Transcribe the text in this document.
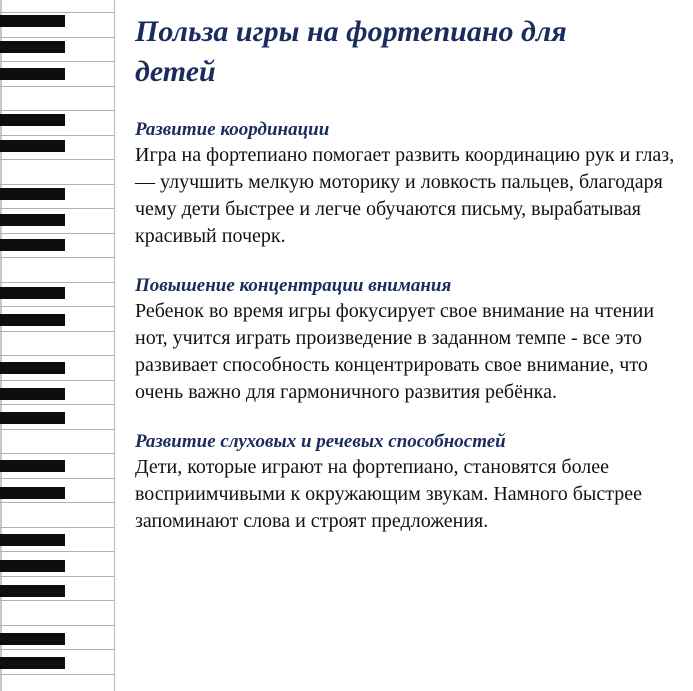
Польза игры на фортепиано для детей
Развитие координации

Игра на фортепиано помогает развить координацию рук и глаз, — улучшить мелкую моторику и ловкость пальцев, благодаря чему дети быстрее и легче обучаются письму, вырабатывая красивый почерк.

Повышение концентрации внимания

Ребенок во время игры фокусирует свое внимание на чтении нот, учится играть произведение в заданном темпе - все это развивает способность концентрировать свое внимание, что очень важно для гармоничного развития ребёнка.

Развитие слуховых и речевых способностей

Дети, которые играют на фортепиано, становятся более восприимчивыми к окружающим звукам. Намного быстрее запоминают слова и строят предложения.
